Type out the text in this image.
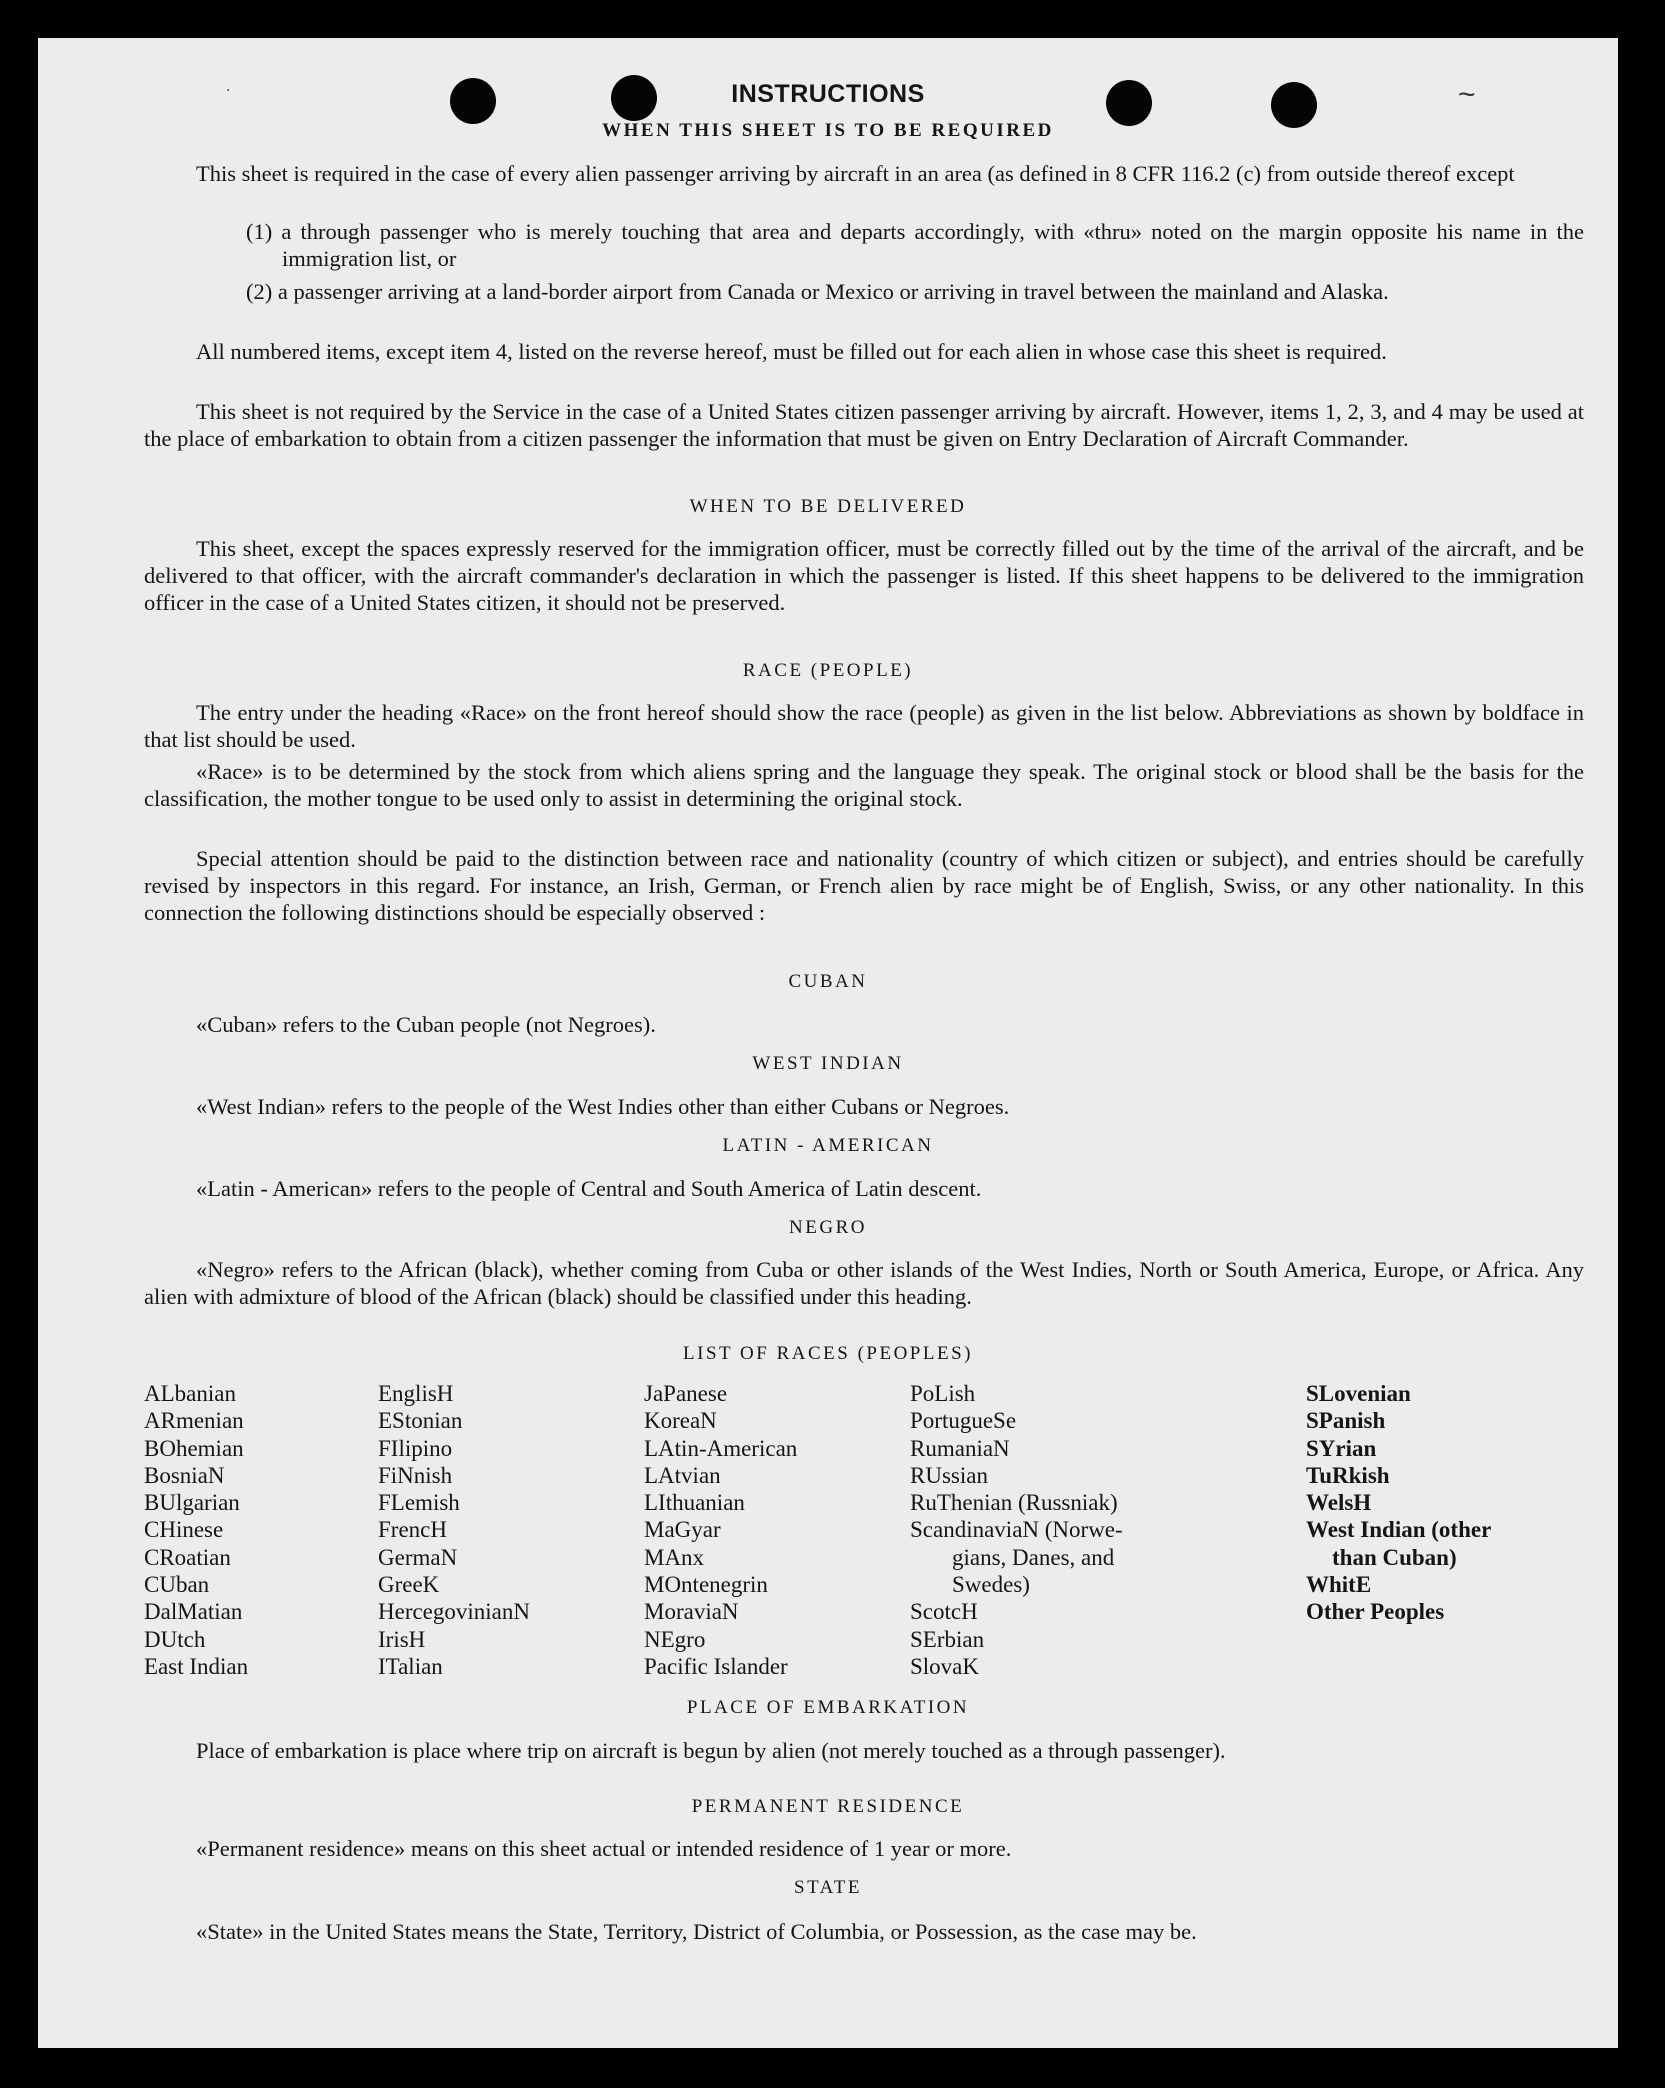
~
.	INSTRUCTIONS
WHEN THIS SHEET IS TO BE REQUIRED

This sheet is required in the case of every alien passenger arriving by aircraft in an area (as defined in 8 CFR 116.2 (c) from outside thereof except

(1) a through passenger who is merely touching that area and departs accordingly, with «thru» noted on the margin opposite his name in the immigration list, or

(2) a passenger arriving at a land-border airport from Canada or Mexico or arriving in travel between the mainland and Alaska.

All numbered items, except item 4, listed on the reverse hereof, must be filled out for each alien in whose case this sheet is required.

This sheet is not required by the Service in the case of a United States citizen passenger arriving by aircraft. However, items 1, 2, 3, and 4 may be used at the place of embarkation to obtain from a citizen passenger the information that must be given on Entry Declaration of Aircraft Commander.

WHEN TO BE DELIVERED

This sheet, except the spaces expressly reserved for the immigration officer, must be correctly filled out by the time of the arrival of the aircraft, and be delivered to that officer, with the aircraft commander's declaration in which the passenger is listed. If this sheet happens to be delivered to the immigration officer in the case of a United States citizen, it should not be preserved.

RACE (PEOPLE)

The entry under the heading «Race» on the front hereof should show the race (people) as given in the list below. Abbreviations as shown by boldface in that list should be used.

«Race» is to be determined by the stock from which aliens spring and the language they speak. The original stock or blood shall be the basis for the classification, the mother tongue to be used only to assist in determining the original stock.

Special attention should be paid to the distinction between race and nationality (country of which citizen or subject), and entries should be carefully revised by inspectors in this regard. For instance, an Irish, German, or French alien by race might be of English, Swiss, or any other nationality. In this connection the following distinctions should be especially observed :

CUBAN

«Cuban» refers to the Cuban people (not Negroes).

WEST INDIAN

«West Indian» refers to the people of the West Indies other than either Cubans or Negroes.

LATIN - AMERICAN

«Latin - American» refers to the people of Central and South America of Latin descent.

NEGRO

«Negro» refers to the African (black), whether coming from Cuba or other islands of the West Indies, North or South America, Europe, or Africa. Any alien with admixture of blood of the African (black) should be classified under this heading.

LIST OF RACES (PEOPLES)
ALbanian
ARmenian
BOhemian
BosniaN
BUlgarian
CHinese
CRoatian
CUban
DalMatian
DUtch
East Indian
EnglisH
EStonian
FIlipino
FiNnish
FLemish
FrencH
GermaN
GreeK
HercegovinianN
IrisH
ITalian
JaPanese
KoreaN
LAtin-American
LAtvian
LIthuanian
MaGyar
MAnx
MOntenegrin
MoraviaN
NEgro
Pacific Islander
PoLish
PortugueSe
RumaniaN
RUssian
RuThenian (Russniak)
ScandinaviaN (Norwe-
gians, Danes, and
Swedes)
ScotcH
SErbian
SlovaK
SLovenian
SPanish
SYrian
TuRkish
WelsH
West Indian (other
than Cuban)
WhitE
Other Peoples
PLACE OF EMBARKATION

Place of embarkation is place where trip on aircraft is begun by alien (not merely touched as a through passenger).

PERMANENT RESIDENCE

«Permanent residence» means on this sheet actual or intended residence of 1 year or more.

STATE

«State» in the United States means the State, Territory, District of Columbia, or Possession, as the case may be.
